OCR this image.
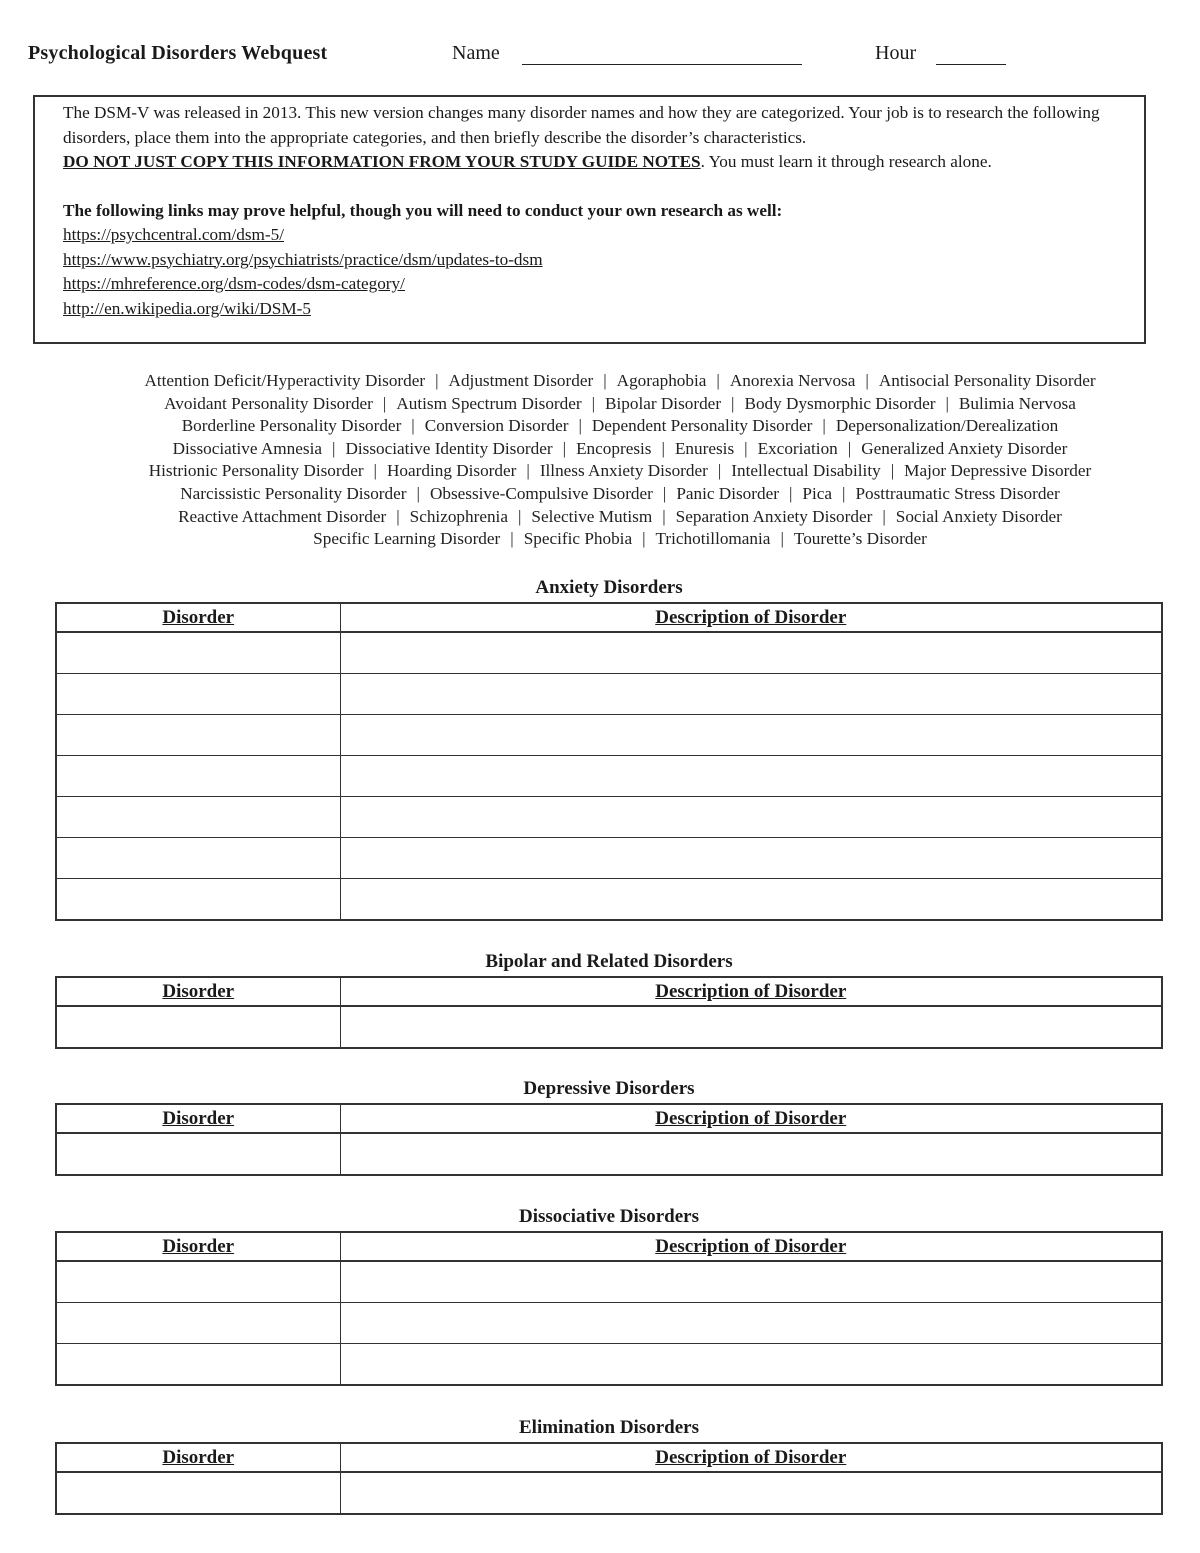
Psychological Disorders Webquest	Name	Hour

The DSM-V was released in 2013. This new version changes many disorder names and how they are categorized. Your job is to research the following disorders, place them into the appropriate categories, and then briefly describe the disorder’s characteristics.
DO NOT JUST COPY THIS INFORMATION FROM YOUR STUDY GUIDE NOTES. You must learn it through research alone.

The following links may prove helpful, though you will need to conduct your own research as well:

https://psychcentral.com/dsm-5/
https://www.psychiatry.org/psychiatrists/practice/dsm/updates-to-dsm
https://mhreference.org/dsm-codes/dsm-category/
http://en.wikipedia.org/wiki/DSM-5
Attention Deficit/Hyperactivity Disorder | Adjustment Disorder | Agoraphobia | Anorexia Nervosa | Antisocial Personality Disorder
Avoidant Personality Disorder | Autism Spectrum Disorder | Bipolar Disorder | Body Dysmorphic Disorder | Bulimia Nervosa
Borderline Personality Disorder | Conversion Disorder | Dependent Personality Disorder | Depersonalization/Derealization
Dissociative Amnesia | Dissociative Identity Disorder | Encopresis | Enuresis | Excoriation | Generalized Anxiety Disorder
Histrionic Personality Disorder | Hoarding Disorder | Illness Anxiety Disorder | Intellectual Disability | Major Depressive Disorder
Narcissistic Personality Disorder | Obsessive-Compulsive Disorder | Panic Disorder | Pica | Posttraumatic Stress Disorder
Reactive Attachment Disorder | Schizophrenia | Selective Mutism | Separation Anxiety Disorder | Social Anxiety Disorder
Specific Learning Disorder | Specific Phobia | Trichotillomania | Tourette’s Disorder
Anxiety Disorders
Disorder	Description of Disorder

Bipolar and Related Disorders
Disorder	Description of Disorder

Depressive Disorders
Disorder	Description of Disorder

Dissociative Disorders
Disorder	Description of Disorder

Elimination Disorders
Disorder	Description of Disorder
